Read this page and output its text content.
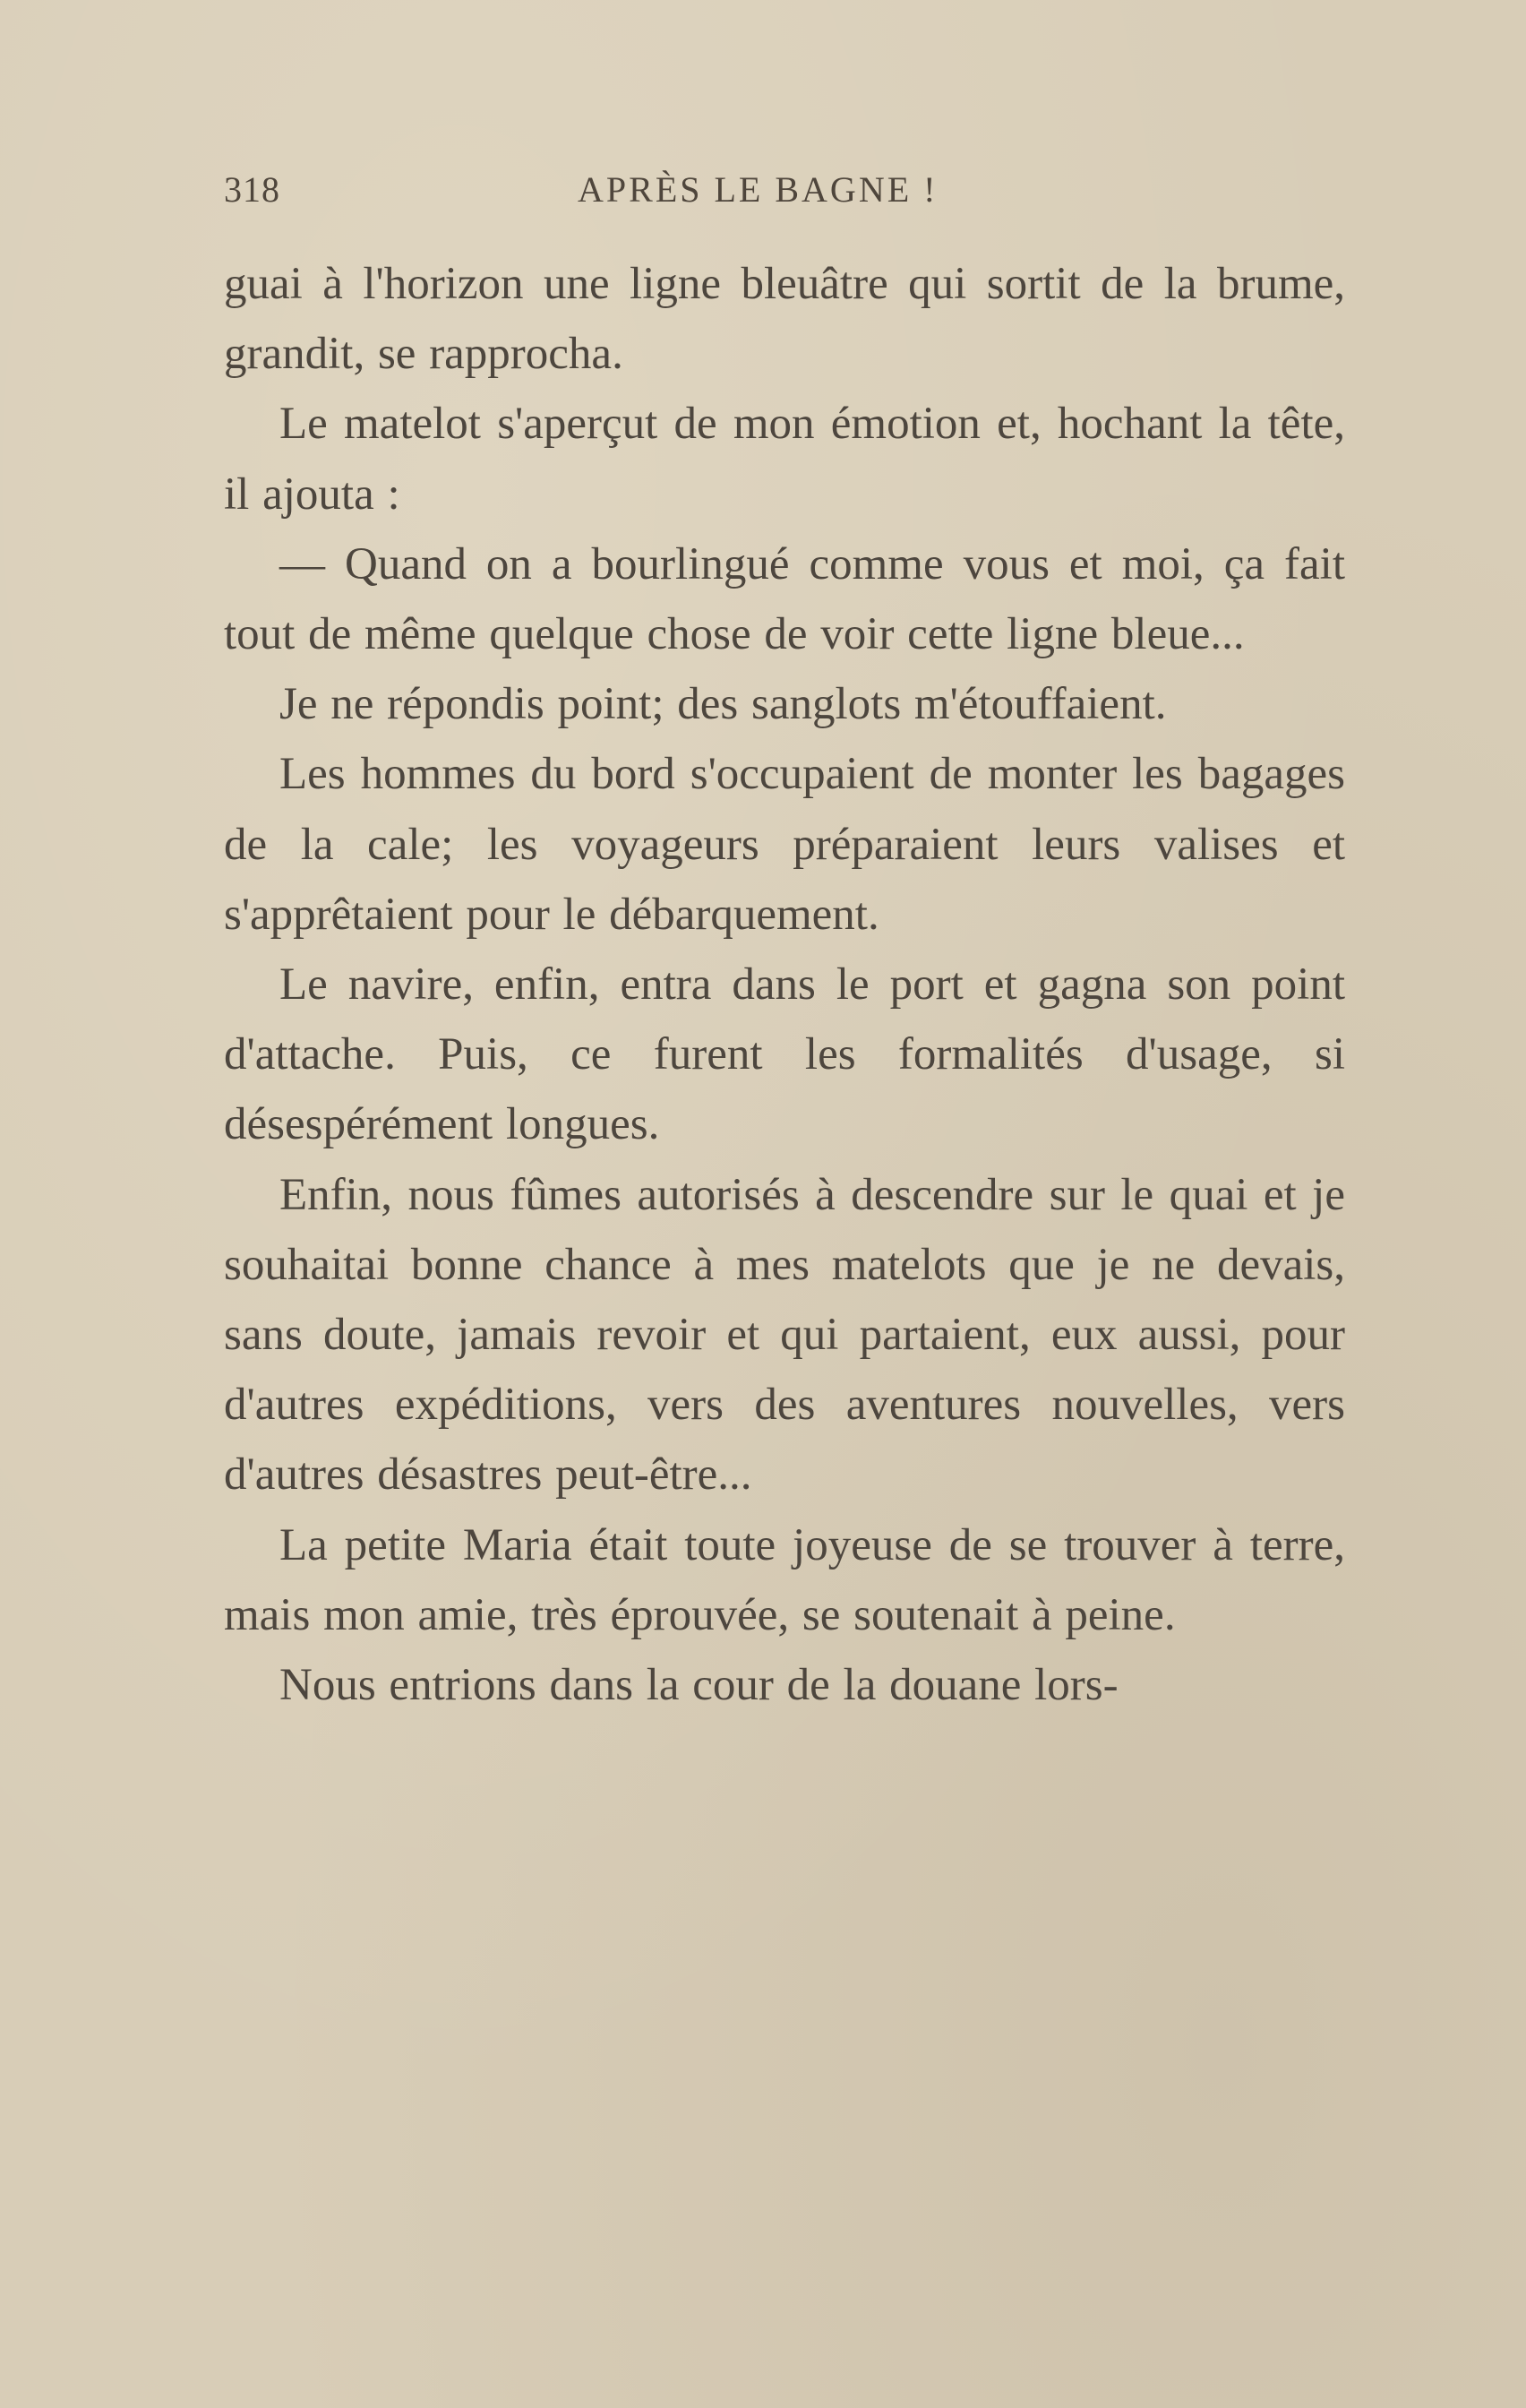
318	APRÈS LE BAGNE !

guai à l'horizon une ligne bleuâtre qui sortit de la brume, grandit, se rapprocha.

Le matelot s'aperçut de mon émotion et, hochant la tête, il ajouta :

— Quand on a bourlingué comme vous et moi, ça fait tout de même quelque chose de voir cette ligne bleue...

Je ne répondis point; des sanglots m'étouffaient.

Les hommes du bord s'occupaient de monter les bagages de la cale; les voyageurs préparaient leurs valises et s'apprêtaient pour le débarquement.

Le navire, enfin, entra dans le port et gagna son point d'attache. Puis, ce furent les formalités d'usage, si désespérément longues.

Enfin, nous fûmes autorisés à descendre sur le quai et je souhaitai bonne chance à mes matelots que je ne devais, sans doute, jamais revoir et qui partaient, eux aussi, pour d'autres expéditions, vers des aventures nouvelles, vers d'autres désastres peut-être...

La petite Maria était toute joyeuse de se trouver à terre, mais mon amie, très éprouvée, se soutenait à peine.

Nous entrions dans la cour de la douane lors-
